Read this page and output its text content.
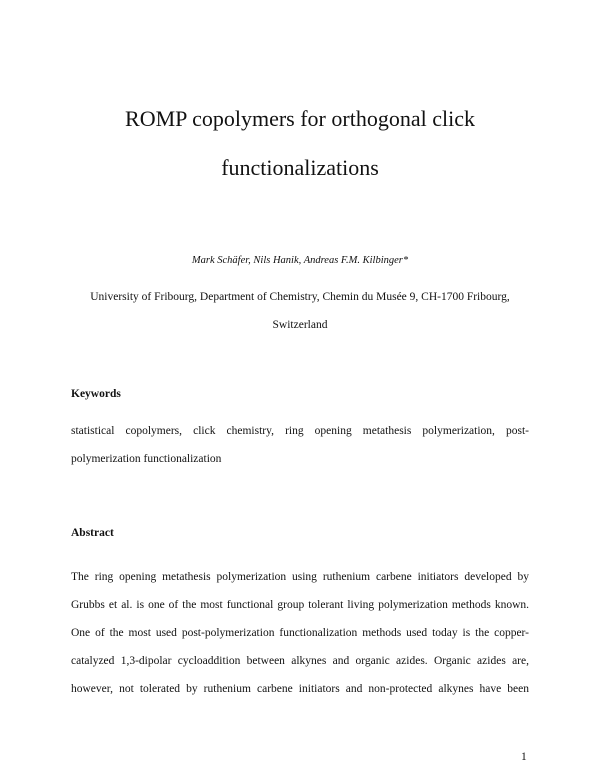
ROMP copolymers for orthogonal click
functionalizations
Mark Schäfer, Nils Hanik, Andreas F.M. Kilbinger*
University of Fribourg, Department of Chemistry, Chemin du Musée 9, CH-1700 Fribourg,
Switzerland
Keywords
statistical copolymers, click chemistry, ring opening metathesis polymerization, post-
polymerization functionalization
Abstract
The ring opening metathesis polymerization using ruthenium carbene initiators developed by
Grubbs et al. is one of the most functional group tolerant living polymerization methods known.
One of the most used post-polymerization functionalization methods used today is the copper-
catalyzed 1,3-dipolar cycloaddition between alkynes and organic azides. Organic azides are,
however, not tolerated by ruthenium carbene initiators and non-protected alkynes have been
1
